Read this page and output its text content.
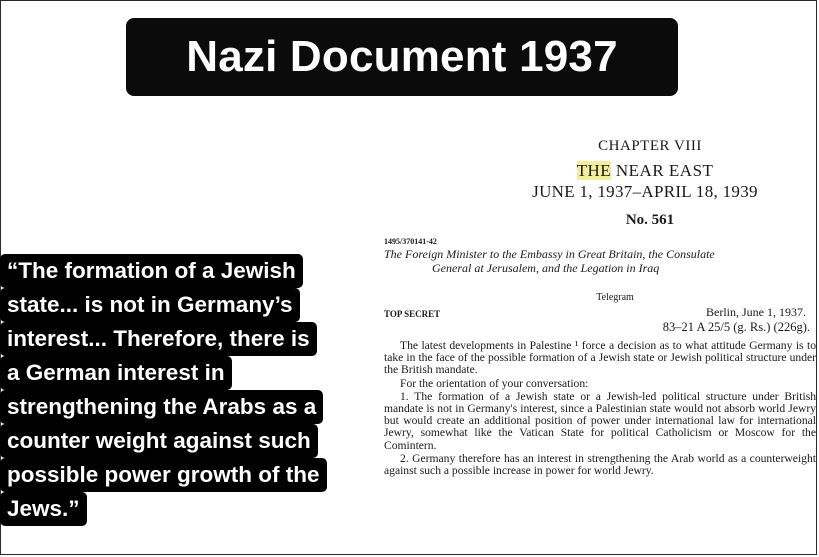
Nazi Document 1937
CHAPTER VIII
THE NEAR EAST
JUNE 1, 1937–APRIL 18, 1939
No. 561
1495/370141-42
The Foreign Minister to the Embassy in Great Britain, the Consulate
General at Jerusalem, and the Legation in Iraq
Telegram
TOP SECRET	Berlin, June 1, 1937.
83–21 A 25/5 (g. Rs.) (226g).

The latest developments in Palestine ¹ force a decision as to what attitude Germany is to take in the face of the possible formation of a Jewish state or Jewish political structure under the British mandate.

For the orientation of your conversation:

1. The formation of a Jewish state or a Jewish-led political structure under British mandate is not in Germany's interest, since a Palestinian state would not absorb world Jewry but would create an additional position of power under international law for international Jewry, somewhat like the Vatican State for political Catholicism or Moscow for the Comintern.

2. Germany therefore has an interest in strengthening the Arab world as a counterweight against such a possible increase in power for world Jewry.

“The formation of a Jewish
state... is not in Germany’s
interest... Therefore, there is
a German interest in
strengthening the Arabs as a
counter weight against such
possible power growth of the
Jews.”
